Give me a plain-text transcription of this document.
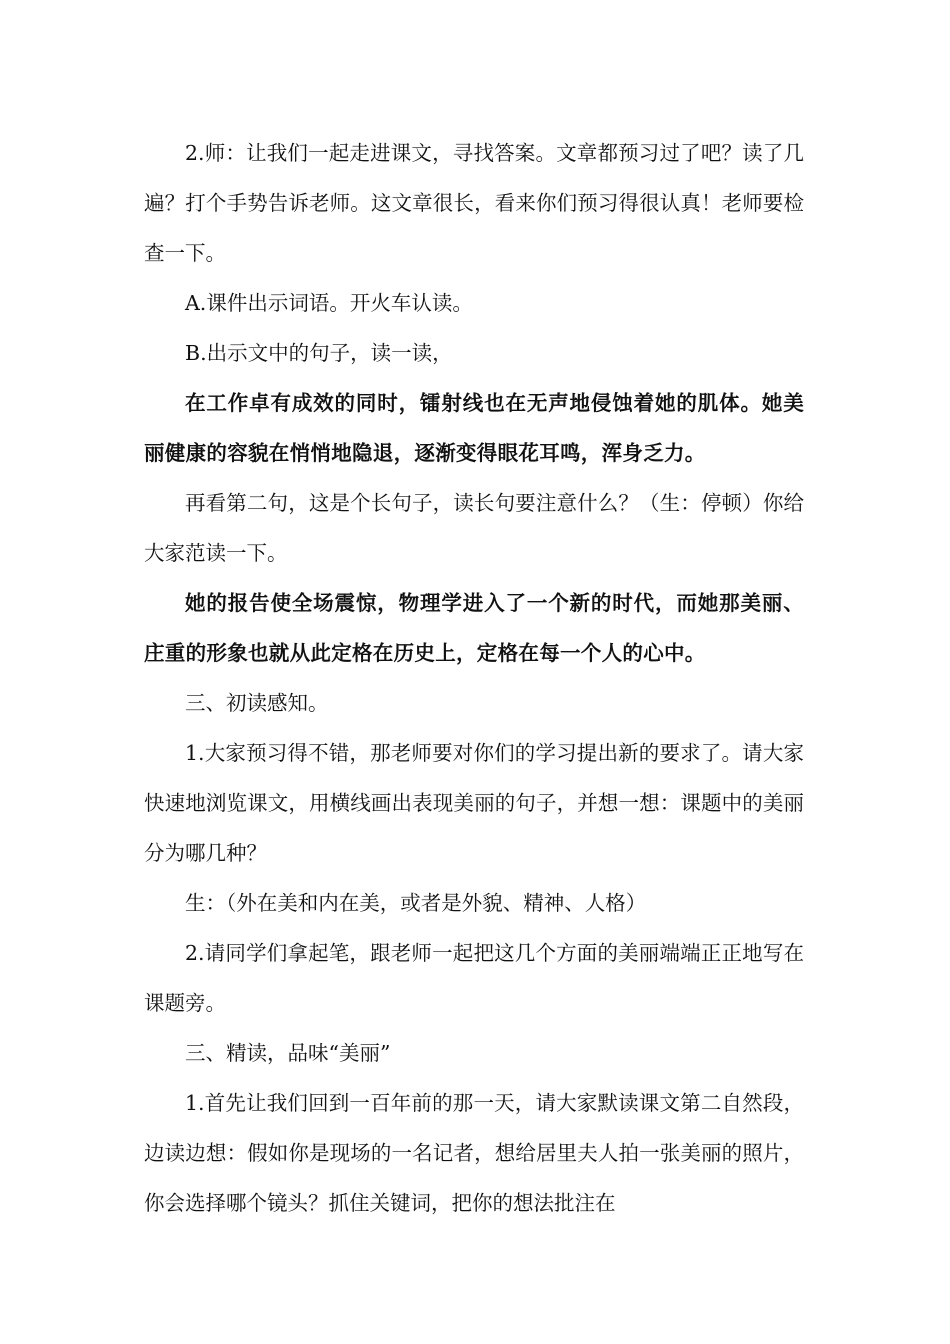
2.师：让我们一起走进课文，寻找答案。文章都预习过了吧？读了几遍？打个手势告诉老师。这文章很长，看来你们预习得很认真！老师要检查一下。

A.课件出示词语。开火车认读。

B.出示文中的句子，读一读，

在工作卓有成效的同时，镭射线也在无声地侵蚀着她的肌体。她美丽健康的容貌在悄悄地隐退，逐渐变得眼花耳鸣，浑身乏力。

再看第二句，这是个长句子，读长句要注意什么？（生：停顿）你给大家范读一下。

她的报告使全场震惊，物理学进入了一个新的时代，而她那美丽、庄重的形象也就从此定格在历史上，定格在每一个人的心中。

三、初读感知。

1.大家预习得不错，那老师要对你们的学习提出新的要求了。请大家快速地浏览课文，用横线画出表现美丽的句子，并想一想：课题中的美丽分为哪几种？

生：（外在美和内在美，或者是外貌、精神、人格）

2.请同学们拿起笔，跟老师一起把这几个方面的美丽端端正正地写在课题旁。

三、精读，品味“美丽”

1.首先让我们回到一百年前的那一天，请大家默读课文第二自然段，边读边想：假如你是现场的一名记者，想给居里夫人拍一张美丽的照片，你会选择哪个镜头？抓住关键词，把你的想法批注在
